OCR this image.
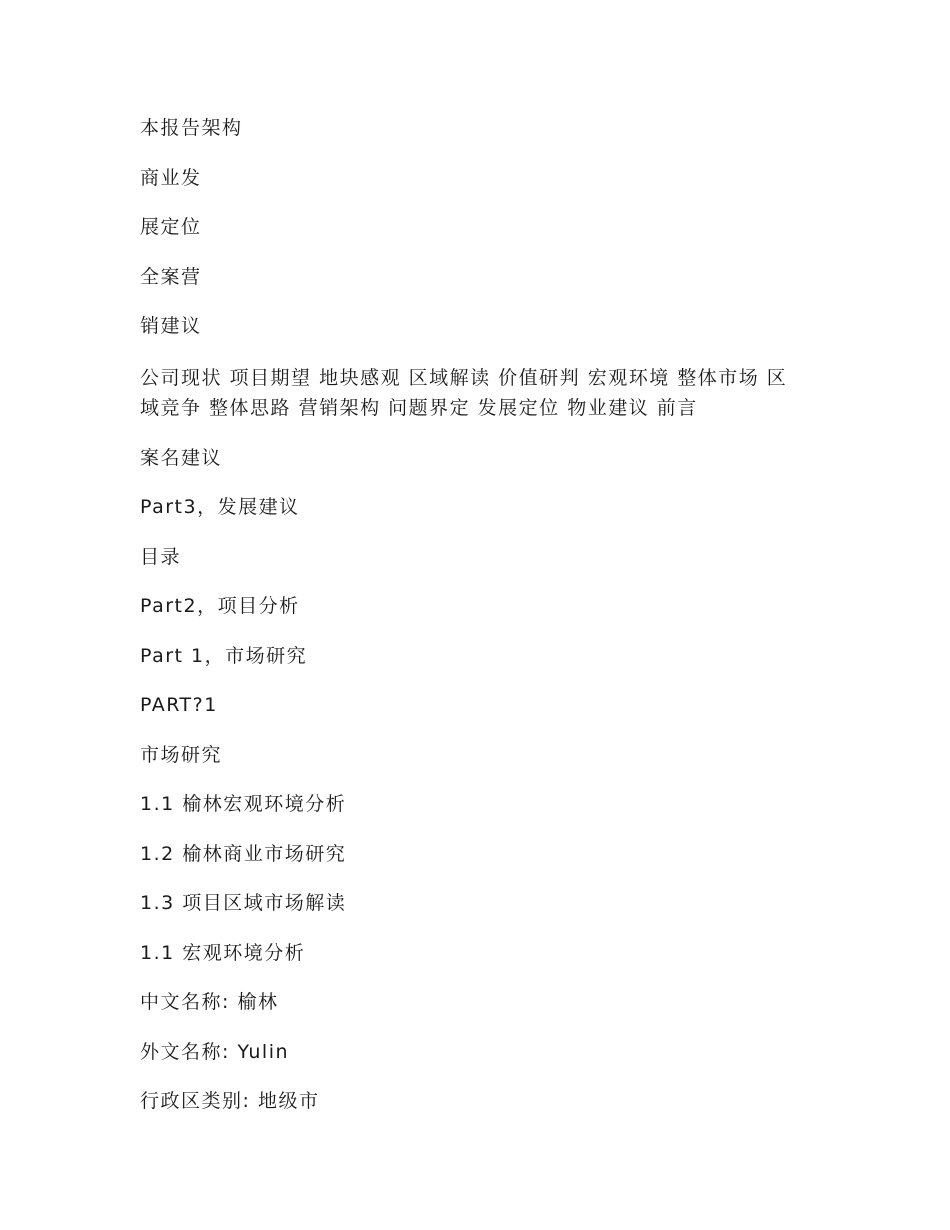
本报告架构

商业发

展定位

全案营

销建议

公司现状 项目期望 地块感观 区域解读 价值研判 宏观环境 整体市场 区域竞争 整体思路 营销架构 问题界定 发展定位 物业建议 前言

案名建议

Part3，发展建议

目录

Part2，项目分析

Part 1，市场研究

PART?1

市场研究

1.1 榆林宏观环境分析

1.2 榆林商业市场研究

1.3 项目区域市场解读

1.1 宏观环境分析

中文名称: 榆林

外文名称: Yulin

行政区类别: 地级市
